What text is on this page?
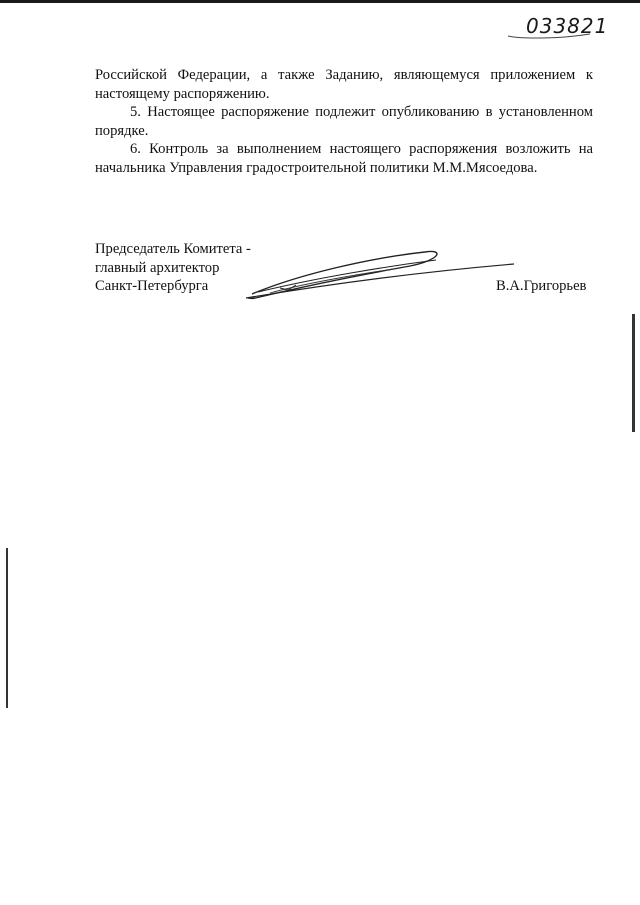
033821

Российской Федерации, а также Заданию, являющемуся приложением к настоящему распоряжению.

5. Настоящее распоряжение подлежит опубликованию в установленном порядке.

6. Контроль за выполнением настоящего распоряжения возложить на начальника Управления градостроительной политики М.М.Мясоедова.

Председатель Комитета -
главный архитектор
Санкт-Петербурга	В.А.Григорьев
